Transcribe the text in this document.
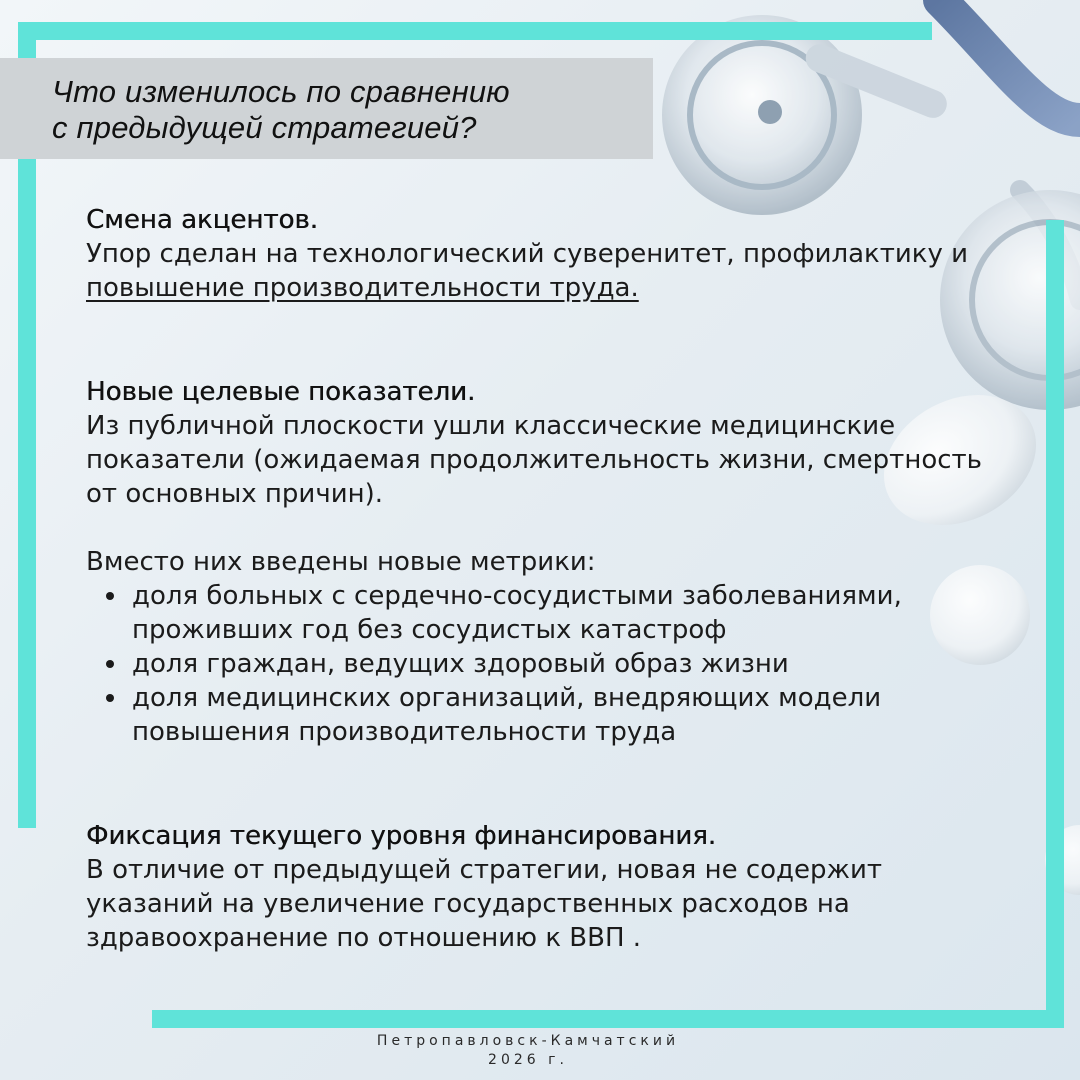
Что изменилось по сравнению
с предыдущей стратегией?
Смена акцентов.
Упор сделан на технологический суверенитет, профилактику и
повышение производительности труда.
Новые целевые показатели.
Из публичной плоскости ушли классические медицинские показатели (ожидаемая продолжительность жизни, смертность от основных причин).
Вместо них введены новые метрики:
доля больных с сердечно-сосудистыми заболеваниями, проживших год без сосудистых катастроф
доля граждан, ведущих здоровый образ жизни
доля медицинских организаций, внедряющих модели повышения производительности труда
Фиксация текущего уровня финансирования.
В отличие от предыдущей стратегии, новая не содержит указаний на увеличение государственных расходов на здравоохранение по отношению к ВВП .
Петропавловск-Камчатский
2026 г.
